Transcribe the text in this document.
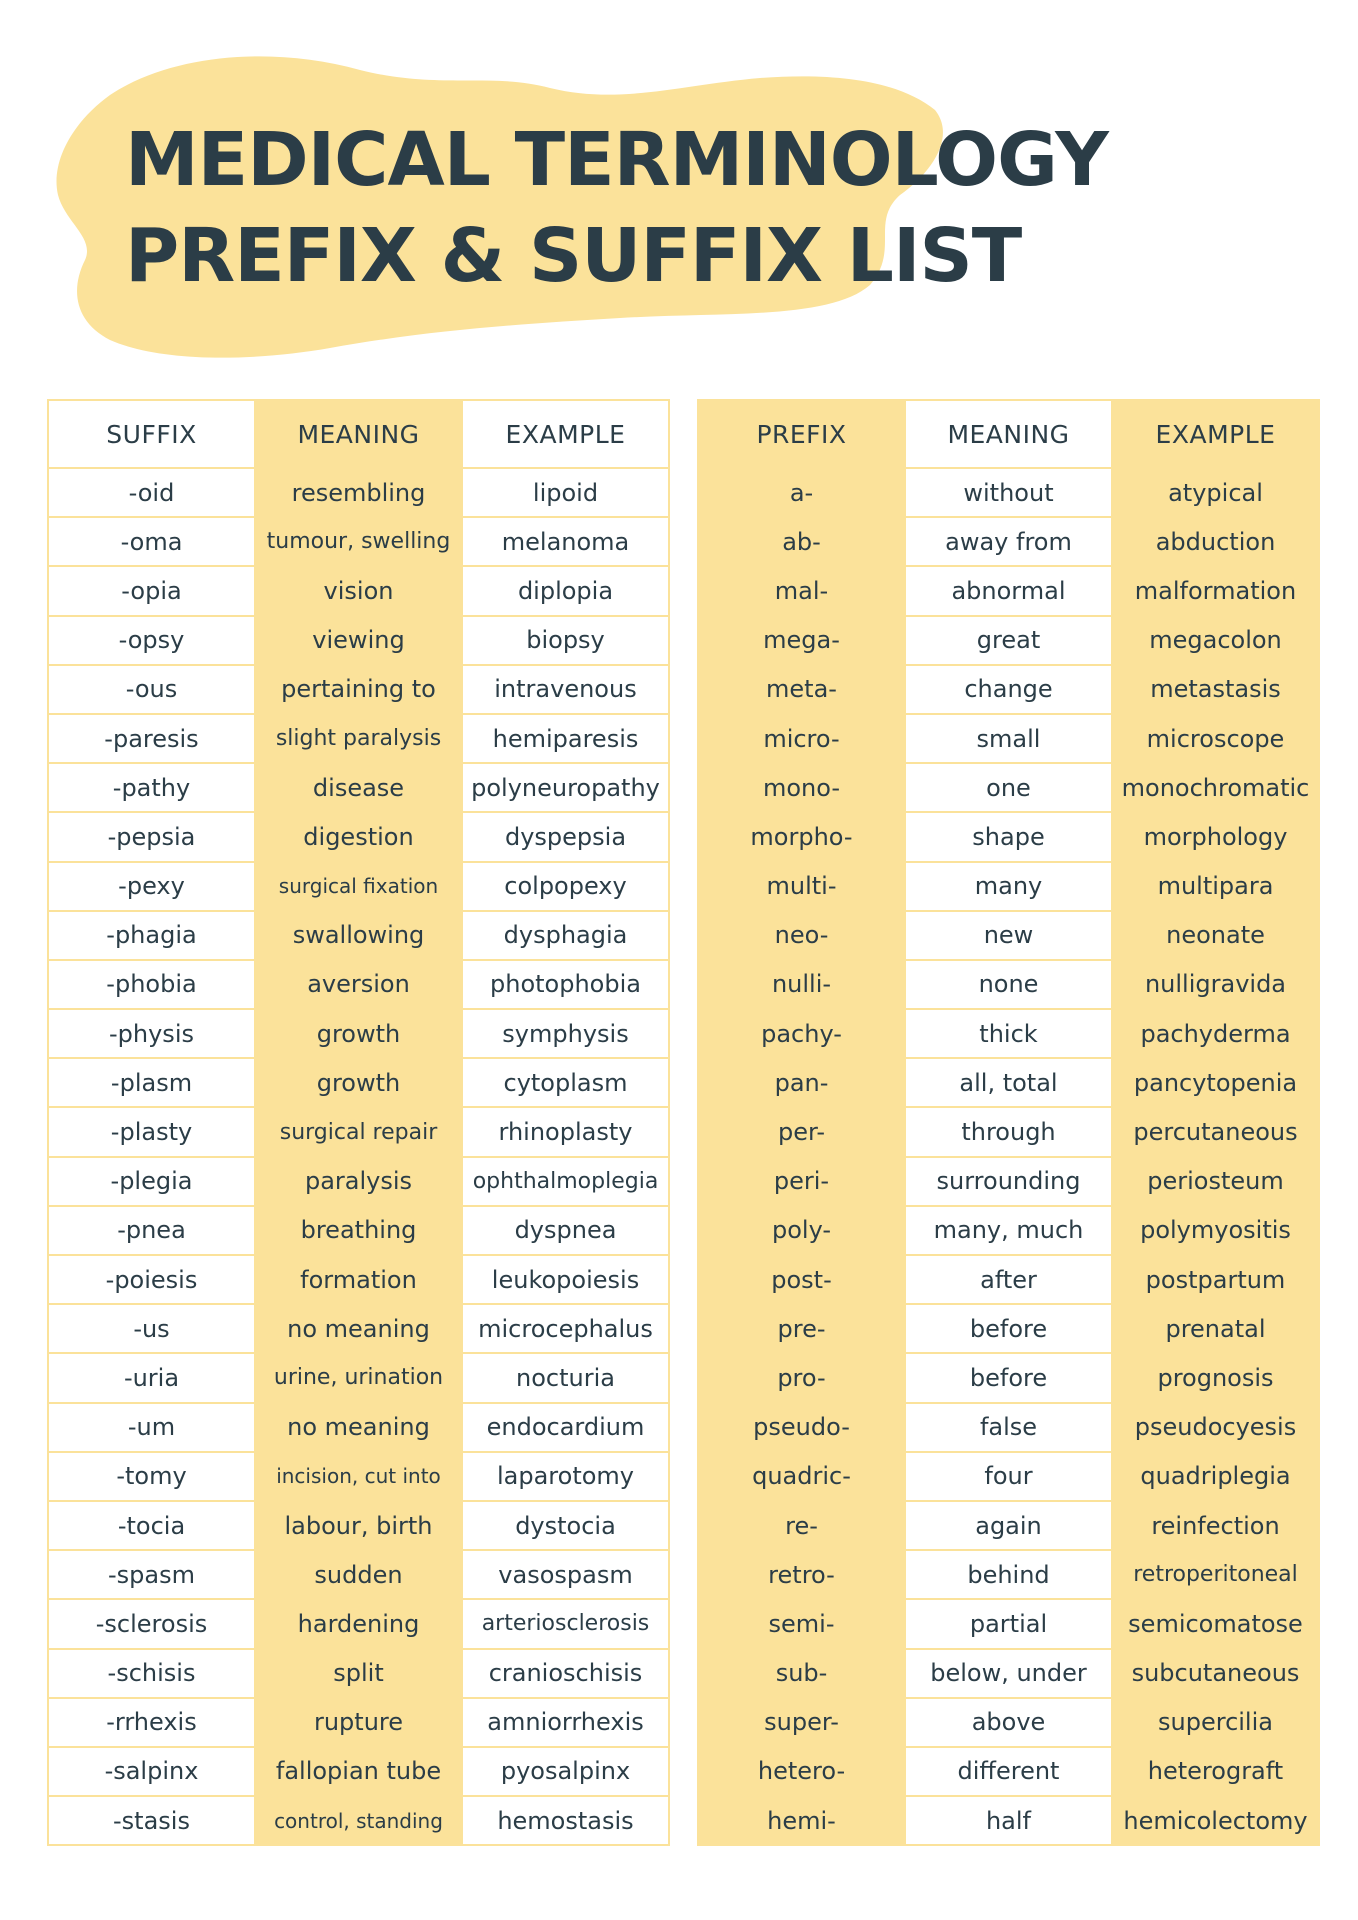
MEDICAL TERMINOLOGY
PREFIX & SUFFIX LIST
SUFFIX	MEANING	EXAMPLE
-oid	resembling	lipoid
-oma	tumour, swelling	melanoma
-opia	vision	diplopia
-opsy	viewing	biopsy
-ous	pertaining to	intravenous
-paresis	slight paralysis	hemiparesis
-pathy	disease	polyneuropathy
-pepsia	digestion	dyspepsia
-pexy	surgical fixation	colpopexy
-phagia	swallowing	dysphagia
-phobia	aversion	photophobia
-physis	growth	symphysis
-plasm	growth	cytoplasm
-plasty	surgical repair	rhinoplasty
-plegia	paralysis	ophthalmoplegia
-pnea	breathing	dyspnea
-poiesis	formation	leukopoiesis
-us	no meaning	microcephalus
-uria	urine, urination	nocturia
-um	no meaning	endocardium
-tomy	incision, cut into	laparotomy
-tocia	labour, birth	dystocia
-spasm	sudden	vasospasm
-sclerosis	hardening	arteriosclerosis
-schisis	split	cranioschisis
-rrhexis	rupture	amniorrhexis
-salpinx	fallopian tube	pyosalpinx
-stasis	control, standing	hemostasis
PREFIX	MEANING	EXAMPLE
a-	without	atypical
ab-	away from	abduction
mal-	abnormal	malformation
mega-	great	megacolon
meta-	change	metastasis
micro-	small	microscope
mono-	one	monochromatic
morpho-	shape	morphology
multi-	many	multipara
neo-	new	neonate
nulli-	none	nulligravida
pachy-	thick	pachyderma
pan-	all, total	pancytopenia
per-	through	percutaneous
peri-	surrounding	periosteum
poly-	many, much	polymyositis
post-	after	postpartum
pre-	before	prenatal
pro-	before	prognosis
pseudo-	false	pseudocyesis
quadric-	four	quadriplegia
re-	again	reinfection
retro-	behind	retroperitoneal
semi-	partial	semicomatose
sub-	below, under	subcutaneous
super-	above	supercilia
hetero-	different	heterograft
hemi-	half	hemicolectomy
